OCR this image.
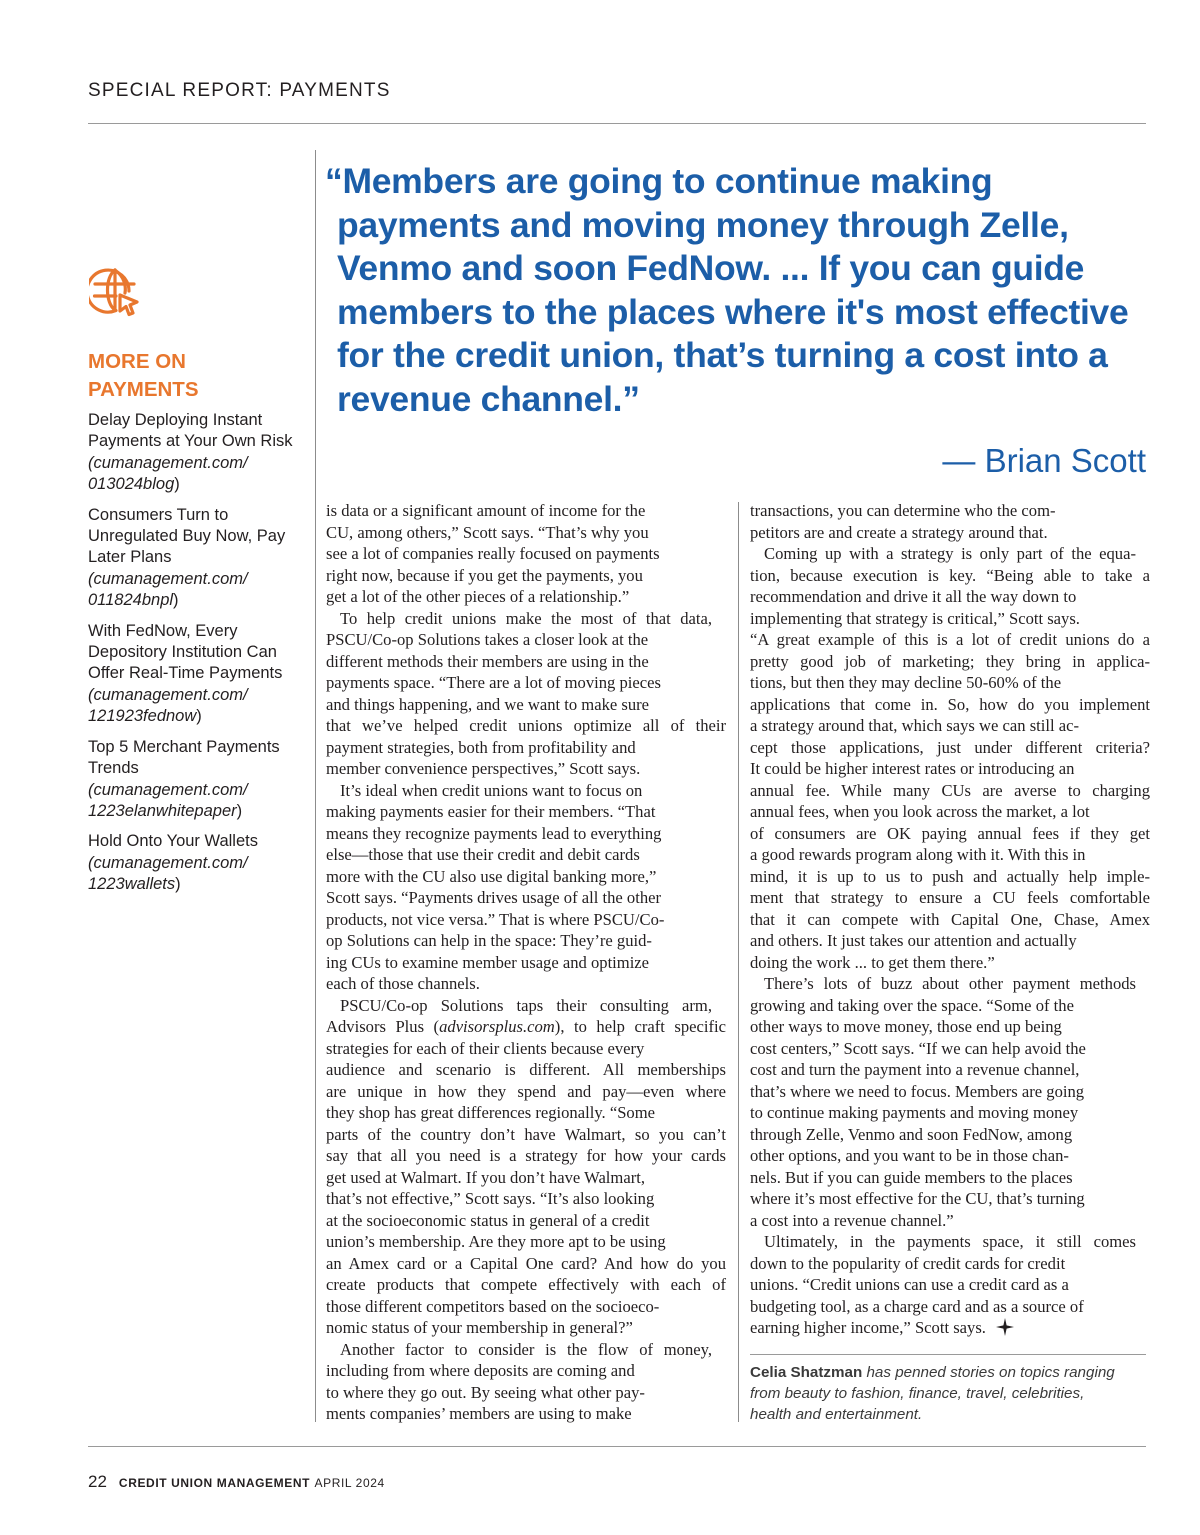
SPECIAL REPORT: PAYMENTS
MORE ON PAYMENTS
Delay Deploying Instant Payments at Your Own Risk
(cumanagement.com/
013024blog)
Consumers Turn to Unregulated Buy Now, Pay Later Plans
(cumanagement.com/
011824bnpl)
With FedNow, Every Depository Institution Can Offer Real-Time Payments
(cumanagement.com/
121923fednow)
Top 5 Merchant Payments Trends
(cumanagement.com/
1223elanwhitepaper)
Hold Onto Your Wallets
(cumanagement.com/
1223wallets)
“Members are going to continue making
payments and moving money through Zelle,
Venmo and soon FedNow. ... If you can guide
members to the places where it's most effective
for the credit union, that’s turning a cost into a
revenue channel.”
— Brian Scott
is data or a significant amount of income for the
CU, among others,” Scott says. “That’s why you
see a lot of companies really focused on payments
right now, because if you get the payments, you
get a lot of the other pieces of a relationship.”
To help credit unions make the most of that data,
PSCU/Co-op Solutions takes a closer look at the
different methods their members are using in the
payments space. “There are a lot of moving pieces
and things happening, and we want to make sure
that we’ve helped credit unions optimize all of their
payment strategies, both from profitability and
member convenience perspectives,” Scott says.
It’s ideal when credit unions want to focus on
making payments easier for their members. “That
means they recognize payments lead to everything
else—those that use their credit and debit cards
more with the CU also use digital banking more,”
Scott says. “Payments drives usage of all the other
products, not vice versa.” That is where PSCU/Co-
op Solutions can help in the space: They’re guid-
ing CUs to examine member usage and optimize
each of those channels.
PSCU/Co-op Solutions taps their consulting arm,
Advisors Plus (advisorsplus.com), to help craft specific
strategies for each of their clients because every
audience and scenario is different. All memberships
are unique in how they spend and pay—even where
they shop has great differences regionally. “Some
parts of the country don’t have Walmart, so you can’t
say that all you need is a strategy for how your cards
get used at Walmart. If you don’t have Walmart,
that’s not effective,” Scott says. “It’s also looking
at the socioeconomic status in general of a credit
union’s membership. Are they more apt to be using
an Amex card or a Capital One card? And how do you
create products that compete effectively with each of
those different competitors based on the socioeco-
nomic status of your membership in general?”
Another factor to consider is the flow of money,
including from where deposits are coming and
to where they go out. By seeing what other pay-
ments companies’ members are using to make
transactions, you can determine who the com-
petitors are and create a strategy around that.
Coming up with a strategy is only part of the equa-
tion, because execution is key. “Being able to take a
recommendation and drive it all the way down to
implementing that strategy is critical,” Scott says.
“A great example of this is a lot of credit unions do a
pretty good job of marketing; they bring in applica-
tions, but then they may decline 50-60% of the
applications that come in. So, how do you implement
a strategy around that, which says we can still ac-
cept those applications, just under different criteria?
It could be higher interest rates or introducing an
annual fee. While many CUs are averse to charging
annual fees, when you look across the market, a lot
of consumers are OK paying annual fees if they get
a good rewards program along with it. With this in
mind, it is up to us to push and actually help imple-
ment that strategy to ensure a CU feels comfortable
that it can compete with Capital One, Chase, Amex
and others. It just takes our attention and actually
doing the work ... to get them there.”
There’s lots of buzz about other payment methods
growing and taking over the space. “Some of the
other ways to move money, those end up being
cost centers,” Scott says. “If we can help avoid the
cost and turn the payment into a revenue channel,
that’s where we need to focus. Members are going
to continue making payments and moving money
through Zelle, Venmo and soon FedNow, among
other options, and you want to be in those chan-
nels. But if you can guide members to the places
where it’s most effective for the CU, that’s turning
a cost into a revenue channel.”
Ultimately, in the payments space, it still comes
down to the popularity of credit cards for credit
unions. “Credit unions can use a credit card as a
budgeting tool, as a charge card and as a source of
earning higher income,” Scott says.
Celia Shatzman has penned stories on topics ranging
from beauty to fashion, finance, travel, celebrities,
health and entertainment.
22 CREDIT UNION MANAGEMENT APRIL 2024
